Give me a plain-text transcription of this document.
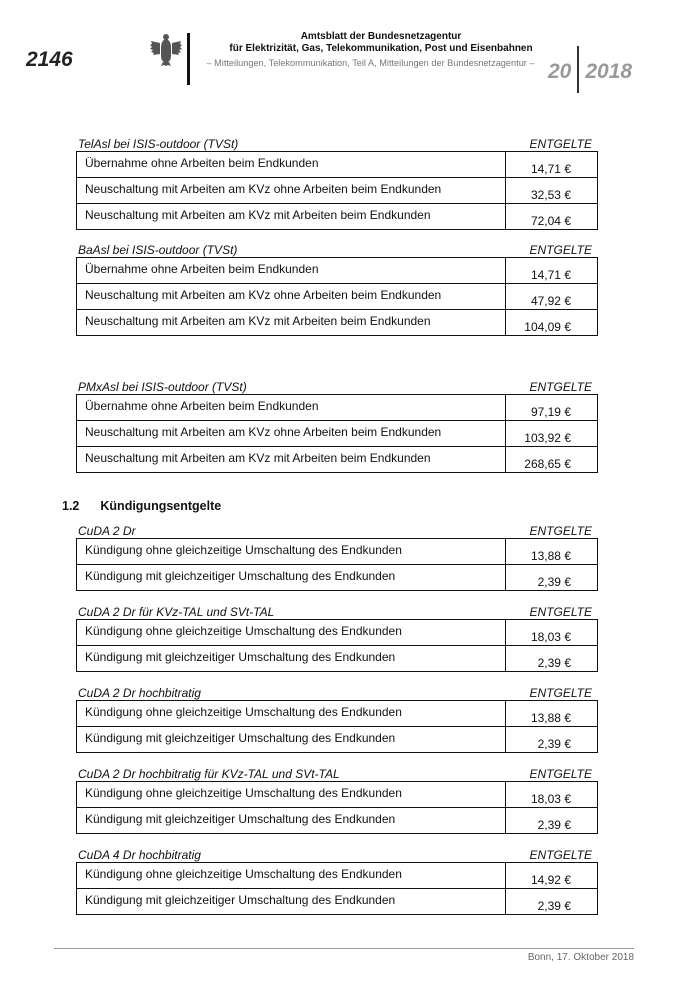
2146
Amtsblatt der Bundesnetzagentur
für Elektrizität, Gas, Telekommunikation, Post und Eisenbahnen
– Mitteilungen, Telekommunikation, Teil A, Mitteilungen der Bundesnetzagentur – 20 2018
TelAsl bei ISIS-outdoor (TVSt)	ENTGELTE
Übernahme ohne Arbeiten beim Endkunden	14,71 €
Neuschaltung mit Arbeiten am KVz ohne Arbeiten beim Endkunden	32,53 €
Neuschaltung mit Arbeiten am KVz mit Arbeiten beim Endkunden	72,04 €
BaAsl bei ISIS-outdoor (TVSt)	ENTGELTE
Übernahme ohne Arbeiten beim Endkunden	14,71 €
Neuschaltung mit Arbeiten am KVz ohne Arbeiten beim Endkunden	47,92 €
Neuschaltung mit Arbeiten am KVz mit Arbeiten beim Endkunden	104,09 €
PMxAsl bei ISIS-outdoor (TVSt)	ENTGELTE
Übernahme ohne Arbeiten beim Endkunden	97,19 €
Neuschaltung mit Arbeiten am KVz ohne Arbeiten beim Endkunden	103,92 €
Neuschaltung mit Arbeiten am KVz mit Arbeiten beim Endkunden	268,65 €
1.2 Kündigungsentgelte
CuDA 2 Dr	ENTGELTE
Kündigung ohne gleichzeitige Umschaltung des Endkunden	13,88 €
Kündigung mit gleichzeitiger Umschaltung des Endkunden	2,39 €
CuDA 2 Dr für KVz-TAL und SVt-TAL	ENTGELTE
Kündigung ohne gleichzeitige Umschaltung des Endkunden	18,03 €
Kündigung mit gleichzeitiger Umschaltung des Endkunden	2,39 €
CuDA 2 Dr hochbitratig	ENTGELTE
Kündigung ohne gleichzeitige Umschaltung des Endkunden	13,88 €
Kündigung mit gleichzeitiger Umschaltung des Endkunden	2,39 €
CuDA 2 Dr hochbitratig für KVz-TAL und SVt-TAL	ENTGELTE
Kündigung ohne gleichzeitige Umschaltung des Endkunden	18,03 €
Kündigung mit gleichzeitiger Umschaltung des Endkunden	2,39 €
CuDA 4 Dr hochbitratig	ENTGELTE
Kündigung ohne gleichzeitige Umschaltung des Endkunden	14,92 €
Kündigung mit gleichzeitiger Umschaltung des Endkunden	2,39 €
Bonn, 17. Oktober 2018
